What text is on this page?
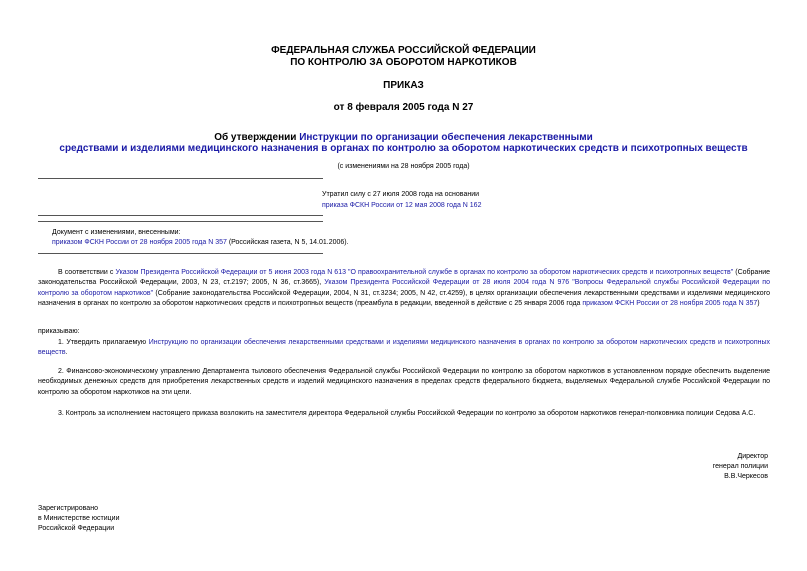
ФЕДЕРАЛЬНАЯ СЛУЖБА РОССИЙСКОЙ ФЕДЕРАЦИИ
ПО КОНТРОЛЮ ЗА ОБОРОТОМ НАРКОТИКОВ
ПРИКАЗ
от 8 февраля 2005 года N 27
Об утверждении Инструкции по организации обеспечения лекарственными
средствами и изделиями медицинского назначения в органах по контролю за оборотом наркотических средств и психотропных веществ
(с изменениями на 28 ноября 2005 года)
Утратил силу с 27 июля 2008 года на основании
приказа ФСКН России от 12 мая 2008 года N 162
Документ с изменениями, внесенными:
приказом ФСКН России от 28 ноября 2005 года N 357 (Российская газета, N 5, 14.01.2006).
В соответствии с Указом Президента Российской Федерации от 5 июня 2003 года N 613 "О правоохранительной службе в органах по контролю за оборотом наркотических средств и психотропных веществ" (Собрание законодательства Российской Федерации, 2003, N 23, ст.2197; 2005, N 36, ст.3665), Указом Президента Российской Федерации от 28 июля 2004 года N 976 "Вопросы Федеральной службы Российской Федерации по контролю за оборотом наркотиков" (Собрание законодательства Российской Федерации, 2004, N 31, ст.3234; 2005, N 42, ст.4259), в целях организации обеспечения лекарственными средствами и изделиями медицинского назначения в органах по контролю за оборотом наркотических средств и психотропных веществ (преамбула в редакции, введенной в действие с 25 января 2006 года приказом ФСКН России от 28 ноября 2005 года N 357)
приказываю:
1. Утвердить прилагаемую Инструкцию по организации обеспечения лекарственными средствами и изделиями медицинского назначения в органах по контролю за оборотом наркотических средств и психотропных веществ.
2. Финансово-экономическому управлению Департамента тылового обеспечения Федеральной службы Российской Федерации по контролю за оборотом наркотиков в установленном порядке обеспечить выделение необходимых денежных средств для приобретения лекарственных средств и изделий медицинского назначения в пределах средств федерального бюджета, выделяемых Федеральной службе Российской Федерации по контролю за оборотом наркотиков на эти цели.
3. Контроль за исполнением настоящего приказа возложить на заместителя директора Федеральной службы Российской Федерации по контролю за оборотом наркотиков генерал-полковника полиции Седова А.С.
Директор
генерал полиции
В.В.Черкесов
Зарегистрировано
в Министерстве юстиции
Российской Федерации
